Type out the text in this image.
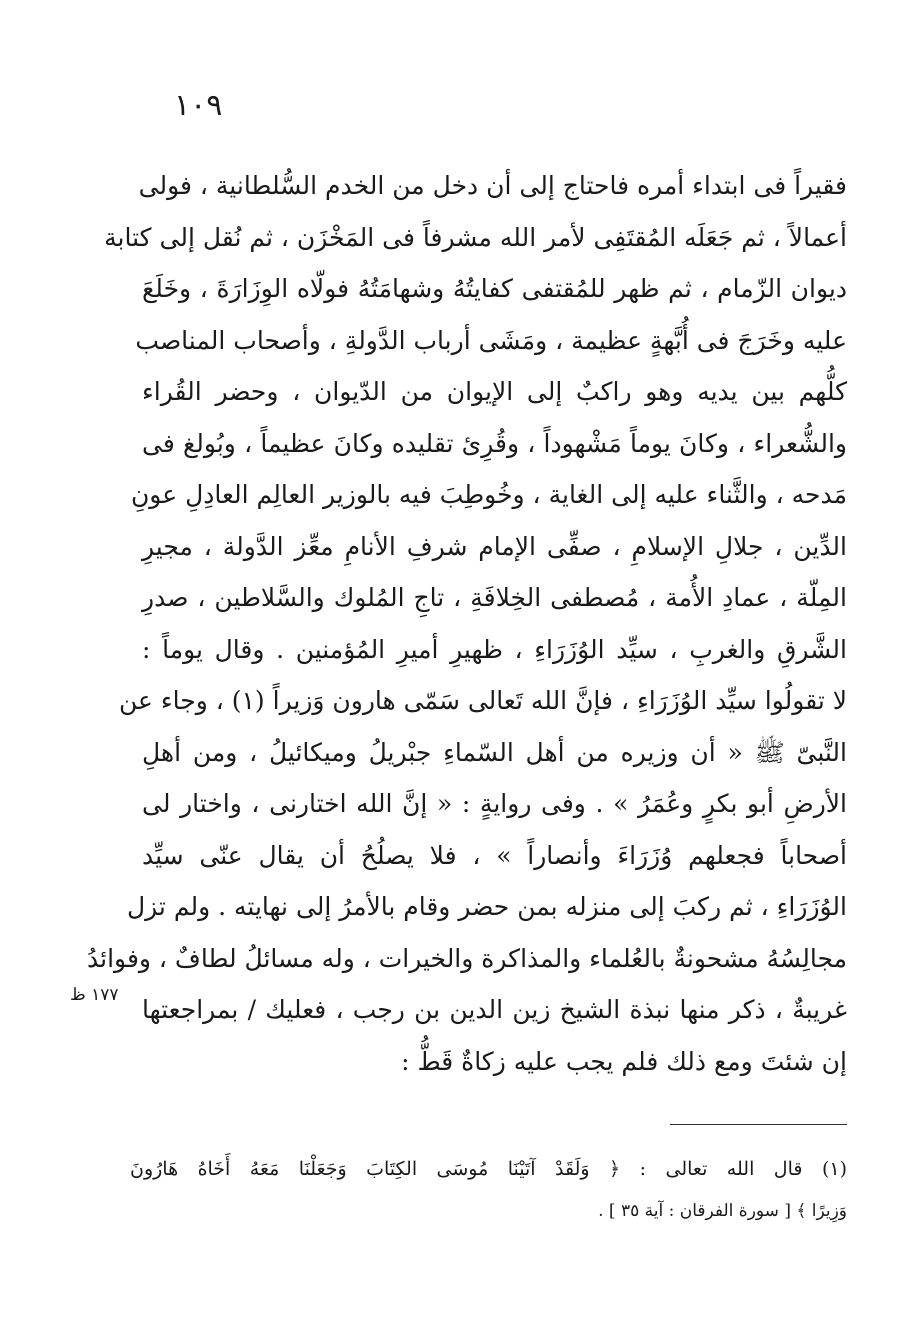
١٠٩
فقيراً فى ابتداء أمره فاحتاج إلى أن دخل من الخدم السُّلطانية ، فولى
أعمالاً ، ثم جَعَلَه المُقتَفِى لأمر الله مشرفاً فى المَخْزَن ، ثم نُقل إلى كتابة
ديوان الزّمام ، ثم ظهر للمُقتفى كفايتُهُ وشهامَتُهُ فولّاه الوِزَارَةَ ، وخَلَعَ
عليه وخَرَجَ فى أُبَّهةٍ عظيمة ، ومَشَى أرباب الدَّولةِ ، وأصحاب المناصب
كلُّهم بين يديه وهو راكبٌ إلى الإيوان من الدّيوان ، وحضر القُراء
والشُّعراء ، وكانَ يوماً مَشْهوداً ، وقُرِئ تقليده وكانَ عظيماً ، وبُولغ فى
مَدحه ، والثَّناء عليه إلى الغاية ، وخُوطِبَ فيه بالوزير العالِم العادِلِ عونِ
الدِّين ، جلالِ الإسلامِ ، صفِّى الإمام شرفِ الأنامِ معِّز الدَّولة ، مجيرِ
المِلّة ، عمادِ الأُمة ، مُصطفى الخِلافَةِ ، تاجِ المُلوك والسَّلاطين ، صدرِ
الشَّرقِ والغربِ ، سيِّد الوُزَرَاءِ ، ظهيرِ أميرِ المُؤمنين . وقال يوماً :
لا تقولُوا سيِّد الوُزَرَاءِ ، فإنَّ الله تَعالى سَمّى هارون وَزيراً (١) ، وجاء عن
النَّبىّ ﷺ « أن وزيره من أهل السّماءِ جبْريلُ وميكائيلُ ، ومن أهلِ
الأرضِ أبو بكرٍ وعُمَرُ » . وفى روايةٍ : « إنَّ الله اختارنى ، واختار لى
أصحاباً فجعلهم وُزَرَاءَ وأنصاراً » ، فلا يصلُحُ أن يقال عنّى سيِّد
الوُزَرَاءِ ، ثم ركبَ إلى منزله بمن حضر وقام بالأمرُ إلى نهايته . ولم تزل
مجالِسُهُ مشحونةٌ بالعُلماء والمذاكرة والخيرات ، وله مسائلُ لطافٌ ، وفوائدُ
غريبةٌ ، ذكر منها نبذة الشيخ زين الدين بن رجب ، فعليك / بمراجعتها
إن شئتَ ومع ذلك فلم يجب عليه زكاةٌ قَطُّ :
١٧٧ ظ
(١) قال الله تعالى : ﴿ وَلَقَدْ آتَيْنَا مُوسَى الكِتَابَ وَجَعَلْنَا مَعَهُ أَخَاهُ هَارُونَ
وَزِيرًا ﴾ [ سورة الفرقان : آية ٣٥ ] .
